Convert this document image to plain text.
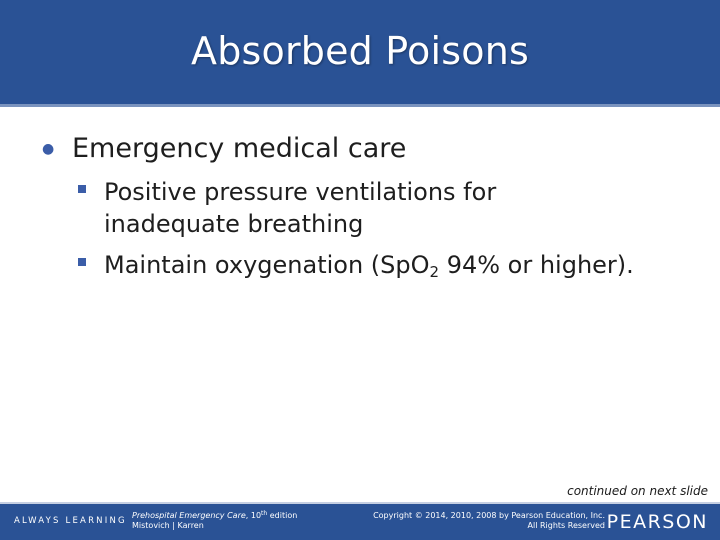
Absorbed Poisons
● Emergency medical care
Positive pressure ventilations for inadequate breathing
Maintain oxygenation (SpO$_2$ 94% or higher).
continued on next slide
ALWAYS LEARNING
Prehospital Emergency Care, 10th edition
Mistovich | Karren
Copyright © 2014, 2010, 2008 by Pearson Education, Inc.
All Rights Reserved PEARSON
